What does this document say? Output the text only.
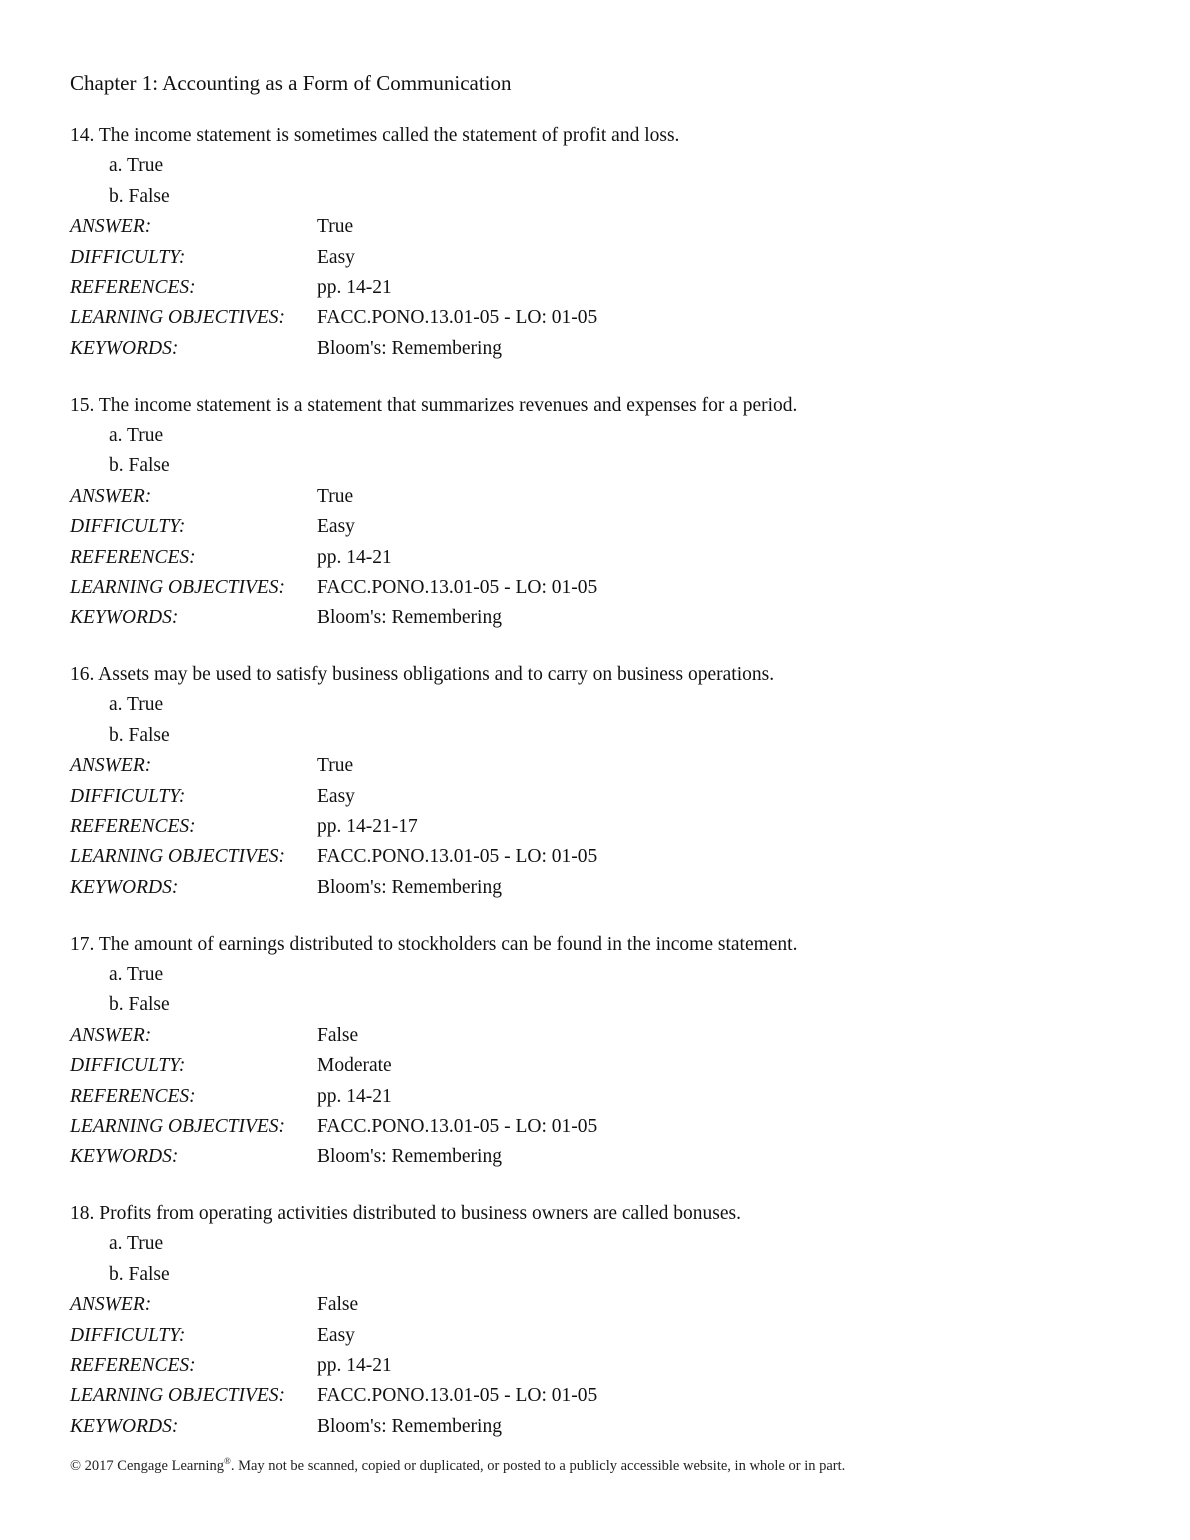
Chapter 1: Accounting as a Form of Communication
14. The income statement is sometimes called the statement of profit and loss.
a. True
b. False
ANSWER:	True
DIFFICULTY:	Easy
REFERENCES:	pp. 14-21
LEARNING OBJECTIVES:	FACC.PONO.13.01-05 - LO: 01-05
KEYWORDS:	Bloom's: Remembering
15. The income statement is a statement that summarizes revenues and expenses for a period.
a. True
b. False
ANSWER:	True
DIFFICULTY:	Easy
REFERENCES:	pp. 14-21
LEARNING OBJECTIVES:	FACC.PONO.13.01-05 - LO: 01-05
KEYWORDS:	Bloom's: Remembering
16. Assets may be used to satisfy business obligations and to carry on business operations.
a. True
b. False
ANSWER:	True
DIFFICULTY:	Easy
REFERENCES:	pp. 14-21-17
LEARNING OBJECTIVES:	FACC.PONO.13.01-05 - LO: 01-05
KEYWORDS:	Bloom's: Remembering
17. The amount of earnings distributed to stockholders can be found in the income statement.
a. True
b. False
ANSWER:	False
DIFFICULTY:	Moderate
REFERENCES:	pp. 14-21
LEARNING OBJECTIVES:	FACC.PONO.13.01-05 - LO: 01-05
KEYWORDS:	Bloom's: Remembering
18. Profits from operating activities distributed to business owners are called bonuses.
a. True
b. False
ANSWER:	False
DIFFICULTY:	Easy
REFERENCES:	pp. 14-21
LEARNING OBJECTIVES:	FACC.PONO.13.01-05 - LO: 01-05
KEYWORDS:	Bloom's: Remembering
© 2017 Cengage Learning®. May not be scanned, copied or duplicated, or posted to a publicly accessible website, in whole or in part.
